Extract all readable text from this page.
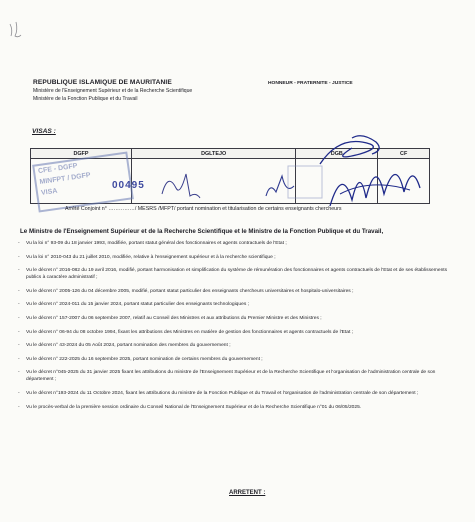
REPUBLIQUE ISLAMIQUE DE MAURITANIE
Ministère de l'Enseignement Supérieur et de la Recherche Scientifique
Ministère de la Fonction Publique et du Travail
HONNEUR - FRATERNITE - JUSTICE
VISAS :
DGFP	DGLTEJO	DGB	CF

CFE - DGFP
MINFPT / DGFP
VISA
00495
Arrêté Conjoint n° ……………/ MESRS /MFPT/ portant nomination et titularisation de certains enseignants chercheurs
Le Ministre de l'Enseignement Supérieur et de la Recherche Scientifique et le Ministre de la Fonction Publique et du Travail,
- Vu la loi n° 93-09 du 18 janvier 1993, modifiée, portant statut général des fonctionnaires et agents contractuels de l'Etat ;
- Vu la loi n° 2010-043 du 21 juillet 2010, modifiée, relative à l'enseignement supérieur et à la recherche scientifique ;
- Vu le décret n° 2016-082 du 19 avril 2016, modifié, portant harmonisation et simplification du système de rémunération des fonctionnaires et agents contractuels de l'Etat et de ses établissements publics à caractère administratif ;
- Vu le décret n° 2005-126 du 04 décembre 2005, modifié, portant statut particulier des enseignants chercheurs universitaires et hospitalo-universitaires ;
- Vu le décret n° 2024-011 du 15 janvier 2024, portant statut particulier des enseignants technologiques ;
- Vu le décret n° 157-2007 du 06 septembre 2007, relatif au Conseil des Ministres et aux attributions du Premier Ministre et des Ministres ;
- Vu le décret n° 06-94 du 08 octobre 1994, fixant les attributions des Ministres en matière de gestion des fonctionnaires et agents contractuels de l'Etat ;
- Vu le décret n° 43-2024 du 05 Août 2024, portant nomination des membres du gouvernement ;
- Vu le décret n° 222-2025 du 16 septembre 2025, portant nomination de certains membres du gouvernement ;
- Vu le décret n°045-2025 du 31 janvier 2025 fixant les attributions du ministre de l'Enseignement Supérieur et de la Recherche Scientifique et l'organisation de l'administration centrale de son département ;
- Vu le décret n°193-2024 du 11 Octobre 2024, fixant les attributions du ministre de la Fonction Publique et du Travail et l'organisation de l'administration centrale de son département ;
- Vu le procès-verbal de la première session ordinaire du Conseil National de l'Enseignement Supérieur et de la Recherche Scientifique n°01 du 06/05/2025.
ARRETENT :
